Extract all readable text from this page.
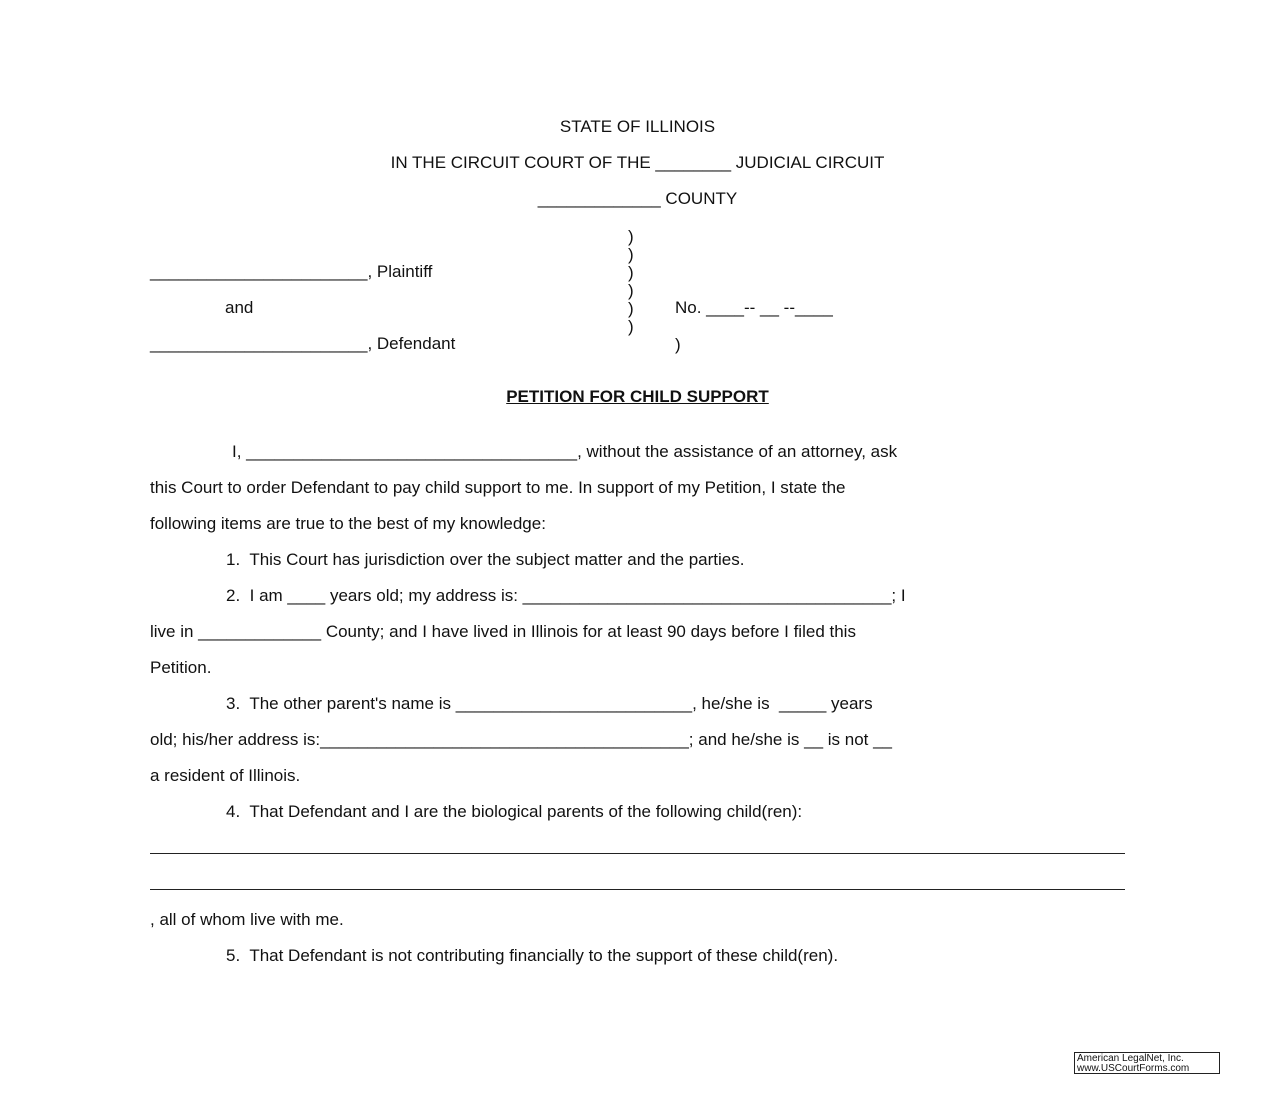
STATE OF ILLINOIS
IN THE CIRCUIT COURT OF THE ________ JUDICIAL CIRCUIT
_____________ COUNTY
_______________________, Plaintiff
and
_______________________, Defendant
)
)
)
)
)
)
No. ____-- __ --____
)
PETITION FOR CHILD SUPPORT
I, ___________________________________, without the assistance of an attorney, ask
this Court to order Defendant to pay child support to me. In support of my Petition, I state the
following items are true to the best of my knowledge:
1.  This Court has jurisdiction over the subject matter and the parties.
2.  I am ____ years old; my address is: _______________________________________; I
live in _____________ County; and I have lived in Illinois for at least 90 days before I filed this
Petition.
3.  The other parent's name is _________________________, he/she is  _____ years
old; his/her address is:_______________________________________; and he/she is __ is not __
a resident of Illinois.
4.  That Defendant and I are the biological parents of the following child(ren):
, all of whom live with me.
5.  That Defendant is not contributing financially to the support of these child(ren).
American LegalNet, Inc.
www.USCourtForms.com
